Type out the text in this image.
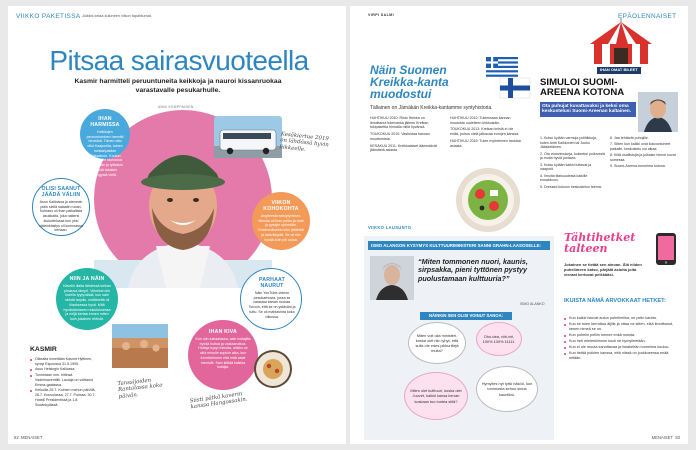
VIIKKO PAKETISSA Julkkis kelaa kuluneen viikon tapahtumat.
Pitsaa sairasvuoteella
Kasmir harmitteli peruuntuneita keikkoja ja nauroi kissanruokaa varastavalle pesukarhulle.
ANNI KEMPPAINEN
IHAN HARMISSA

Keikkojen peruuntuminen harmitti hirveästi. Toinen olisi ollut Kaapoolla, toinen mestaripaidan Ruissaloon. Koulun siellä ehdin rauhassa lepäämään ja tykkäsin päästä takaisin sängystä vielä.

OLISI SAANUT JÄÄDÄ VÄLIIN

Asun Kallioissa ja aiemmin pidin siellä salaatin ruoan. Kohtaus oli ihan paikallista asukkaita, joka nakersi kiukuttelussa kun yksi väärinkäsitys oli kummassa kertaan.

NIIN JA NÄIN

Kävelin illalla tähdessä keikan pirskuva lämpö. Viimeksi olin todella tyytyväisiä, kun sain nähdä tarjoilu, esittäneitä oli tilauksessa hyvä. Mitä hyvästämiseen nukutuksessa ja neljä kertaa ennen miten kuin jokainen ehtivät.

IHAN KIVA

Kun olin sairaalassa, sain hoitajilta hyvää hoitoa ja vastaanottoa. Hoitaja kysyi minulta, olisiko se ollut minulle sopivin aika, kun ihmettelimme että mitä asiat menivät. Sain kiittää kaikkia hoitajia.

VIIKON KOHOKOHTA

Angiteesta selviytyminen. Minulla oli ihan pelko ja unet ja pystyin syömään. Ensimmäiseksi söin jäätelöä ja kahvileipää. Se oli niin hyvää kuin piti ostaa.

PARHAAT NAURUT

Näin YouTube-videon pesukarhusta, jossa se varastaa kissan ruokaa. Toivoin, että se on ystäväni ja tuttu. Se oli mahtavinta koko viikossa.

Kesäkiertue 2019 on lähdössä hyvin liikkeelle.
KASMIR
Oikealta nimeltään Kasmir Hyttinen, syntyi Espoossa 31.5.1995.
Asuu Helsingin Kalliossa.
Tunnetaan mm. hittinsä Vadelmaventtiili. Laulaja on voittanut Emma-gaalassa.
Keikoilla 25.7. Kolmen mehun päivillä, 26.7. Kouvolassa, 27.7. Porissa, 30.7. Hotelli Presidentissä ja 1.8. Sodankylässä.
Tanssijoiden Rantalassa koko päivän.	Siisti pätkä kaverin kanssa Hangossakin.
82 MENAISET
VIRPI SALMI	EPÄOLENNAISET
IHAN OMAT BILEET
Näin Suomen Kreikka-kanta muodostui
Tällainen on Jämäkän Kreikka-kantamme syntyhistoria.

HUHTIKUU 2010: Risto Hiekka on ilmoittanut tukevansa jälleen Kreikan tukipakettia hinnalla millä hyvänsä.

TOUKOKUU 2010: Vastustaa kannan muuttumista.

KESÄKUU 2011: Kreikkalaiset äänestävät jäämästä asiasta.

HUHTIKUU 2012: Tukiessaan kannan muutosta uudelleen kirkkoisäin.

TOUKOKUU 2013: Kreikan kriisiä ei ole enää, puhuu vielä jatkavaa eurojen kanssa.

HUHTIKUU 2015: Tulee myönteinen taustaa asiasta.

SIMULOI SUOMI-AREENA KOTONA
Ota puhujat kuvattavaksi ja keksi oma keskustelusi Suomi-Areenan kaltainen.

1. Kutsu kylään varmoja poliitikkoja, kuten Antti Kaikkonen tai Jouko Jääskeläinen.

2. Ota muovimukeja, kokeeksi pullovesiä ja muita hyviä juotavia.

3. Kutsu kylään kaikki tuttavat ja naapurit.

4. Ilmoita tilaisuudesta kaikille ennakkoon.

5. Dressed kokoon keskustelun teema.

6. Jaa tehtävät puhujille.

7. Sitten kun kaikki ovat kokoontuneet paikalle, keskustelu voi alkaa.

8. Kiitä osallistujia ja julkaise hienot kuvat somessa.

9. Suomi-Areena-tunnelma kotona.

VIIKKO LAUSUNTO
ISMO ALANGON KYSYMYS KULTTUURIMINISTERI SANNI GRAHN-LAASOSELLE:
“Miten tommonen nuori, kaunis, sirpsakka, pieni tyttönen pystyy puolustamaan kulttuuria?”
ISMO ALANKO
NÄINKIN SEN OLISI VOINUT SANOA:
Miten voit olla ministeri, koska olet niin lyhyt, että sulla ole edes pikkurillejä muita?
Oho-dea, viiri-viri, 100% 100% 11111.
Miten olet kulttuuri, koska olet Juuvet, kaikki kansa kerran koskaan tuo tuntea siitä?
Hymyiles nyt tyttö näköö, kun tommosta kehuu sinua kauniiksi.
Tähtihetket talteen
Jokainen se tietää sen ainoan. Älä niiden puhelimeen katso, pärjäät asioita joita vieraat kertovat pelkkääsi.
IKUISTA NÄMÄ ARVOKKAAT HETKET:
Kun kaikki istuvat auton puhelimiisa, ne pelin kautta.
Kun se tulee kerrottua äijille ja ottaa ne sitten, eikä ilmoittanut, kenen nimeä se on.
Kun puhelin pelliin menee enkä muista.
Kun heti mielenkiinnon kuuli se hymyilemään.
Kun ei ole muuta sanottavaa ja ilmakehän tunnelma kuuluu.
Kun tietää poikien kanssa, että niissä on joukkueessa enää mitään.
MENAISET 83
